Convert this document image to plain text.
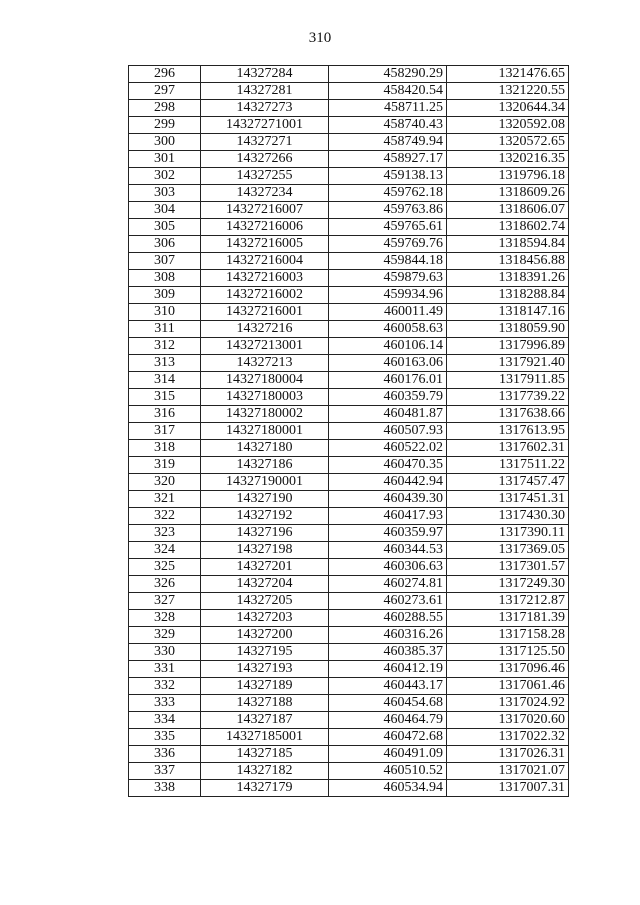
310
296	14327284	458290.29	1321476.65
297	14327281	458420.54	1321220.55
298	14327273	458711.25	1320644.34
299	14327271001	458740.43	1320592.08
300	14327271	458749.94	1320572.65
301	14327266	458927.17	1320216.35
302	14327255	459138.13	1319796.18
303	14327234	459762.18	1318609.26
304	14327216007	459763.86	1318606.07
305	14327216006	459765.61	1318602.74
306	14327216005	459769.76	1318594.84
307	14327216004	459844.18	1318456.88
308	14327216003	459879.63	1318391.26
309	14327216002	459934.96	1318288.84
310	14327216001	460011.49	1318147.16
311	14327216	460058.63	1318059.90
312	14327213001	460106.14	1317996.89
313	14327213	460163.06	1317921.40
314	14327180004	460176.01	1317911.85
315	14327180003	460359.79	1317739.22
316	14327180002	460481.87	1317638.66
317	14327180001	460507.93	1317613.95
318	14327180	460522.02	1317602.31
319	14327186	460470.35	1317511.22
320	14327190001	460442.94	1317457.47
321	14327190	460439.30	1317451.31
322	14327192	460417.93	1317430.30
323	14327196	460359.97	1317390.11
324	14327198	460344.53	1317369.05
325	14327201	460306.63	1317301.57
326	14327204	460274.81	1317249.30
327	14327205	460273.61	1317212.87
328	14327203	460288.55	1317181.39
329	14327200	460316.26	1317158.28
330	14327195	460385.37	1317125.50
331	14327193	460412.19	1317096.46
332	14327189	460443.17	1317061.46
333	14327188	460454.68	1317024.92
334	14327187	460464.79	1317020.60
335	14327185001	460472.68	1317022.32
336	14327185	460491.09	1317026.31
337	14327182	460510.52	1317021.07
338	14327179	460534.94	1317007.31
